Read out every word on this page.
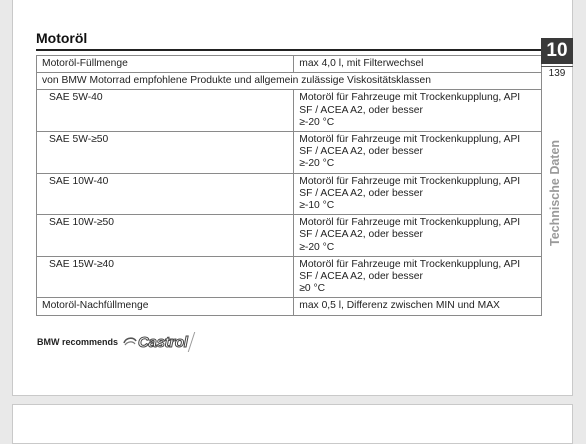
Motoröl
Motoröl-Füllmenge	max 4,0 l, mit Filterwechsel
von BMW Motorrad empfohlene Produkte und allgemein zulässige Viskositätsklassen	
SAE 5W-40	Motoröl für Fahrzeuge mit Trockenkupplung, API
SF / ACEA A2, oder besser
≥-20 °C

SAE 5W-≥50	Motoröl für Fahrzeuge mit Trockenkupplung, API
SF / ACEA A2, oder besser
≥-20 °C

SAE 10W-40	Motoröl für Fahrzeuge mit Trockenkupplung, API
SF / ACEA A2, oder besser
≥-10 °C

SAE 10W-≥50	Motoröl für Fahrzeuge mit Trockenkupplung, API
SF / ACEA A2, oder besser
≥-20 °C

SAE 15W-≥40	Motoröl für Fahrzeuge mit Trockenkupplung, API
SF / ACEA A2, oder besser
≥0 °C

Motoröl-Nachfüllmenge	max 0,5 l, Differenz zwischen MIN und MAX
BMW recommends Castrol
10
139
Technische Daten
